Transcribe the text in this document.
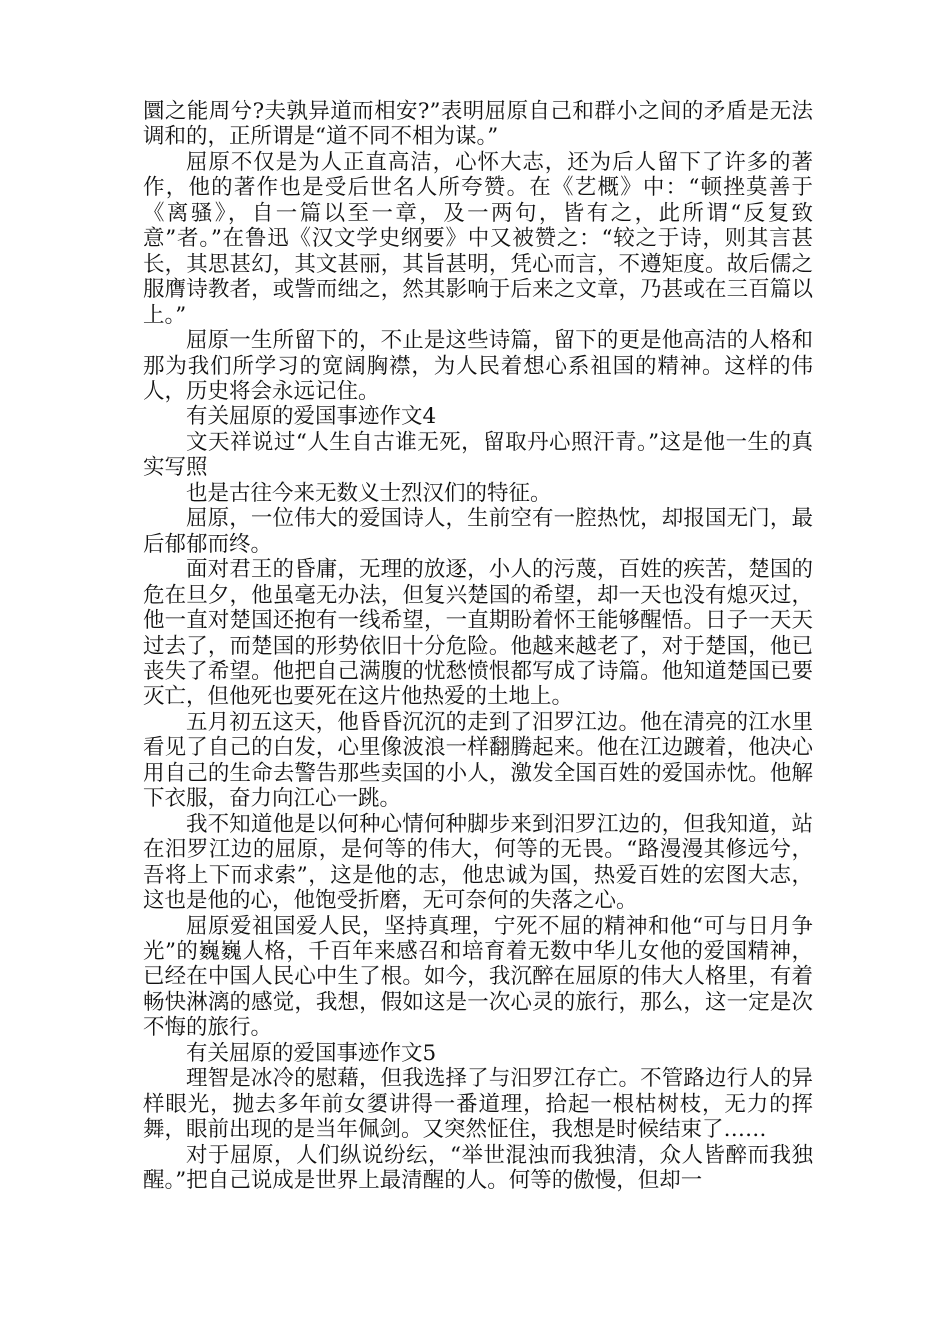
圜之能周兮?夫孰异道而相安?”表明屈原自己和群小之间的矛盾是无法调和的，正所谓是“道不同不相为谋。”

屈原不仅是为人正直高洁，心怀大志，还为后人留下了许多的著作，他的著作也是受后世名人所夸赞。在《艺概》中：“顿挫莫善于《离骚》，自一篇以至一章，及一两句，皆有之，此所谓“反复致意”者。”在鲁迅《汉文学史纲要》中又被赞之：“较之于诗，则其言甚长，其思甚幻，其文甚丽，其旨甚明，凭心而言，不遵矩度。故后儒之服膺诗教者，或訾而绌之，然其影响于后来之文章，乃甚或在三百篇以上。”

屈原一生所留下的，不止是这些诗篇，留下的更是他高洁的人格和那为我们所学习的宽阔胸襟，为人民着想心系祖国的精神。这样的伟人，历史将会永远记住。

有关屈原的爱国事迹作文4

文天祥说过“人生自古谁无死，留取丹心照汗青。”这是他一生的真实写照

也是古往今来无数义士烈汉们的特征。

屈原，一位伟大的爱国诗人，生前空有一腔热忱，却报国无门，最后郁郁而终。

面对君王的昏庸，无理的放逐，小人的污蔑，百姓的疾苦，楚国的危在旦夕，他虽毫无办法，但复兴楚国的希望，却一天也没有熄灭过，他一直对楚国还抱有一线希望，一直期盼着怀王能够醒悟。日子一天天过去了，而楚国的形势依旧十分危险。他越来越老了，对于楚国，他已丧失了希望。他把自己满腹的忧愁愤恨都写成了诗篇。他知道楚国已要灭亡，但他死也要死在这片他热爱的土地上。

五月初五这天，他昏昏沉沉的走到了汨罗江边。他在清亮的江水里看见了自己的白发，心里像波浪一样翻腾起来。他在江边踱着，他决心用自己的生命去警告那些卖国的小人，激发全国百姓的爱国赤忱。他解下衣服，奋力向江心一跳。

我不知道他是以何种心情何种脚步来到汨罗江边的，但我知道，站在汨罗江边的屈原，是何等的伟大，何等的无畏。“路漫漫其修远兮，吾将上下而求索”，这是他的志，他忠诚为国，热爱百姓的宏图大志，这也是他的心，他饱受折磨，无可奈何的失落之心。

屈原爱祖国爱人民，坚持真理，宁死不屈的精神和他“可与日月争光”的巍巍人格，千百年来感召和培育着无数中华儿女他的爱国精神，已经在中国人民心中生了根。如今，我沉醉在屈原的伟大人格里，有着畅快淋漓的感觉，我想，假如这是一次心灵的旅行，那么，这一定是次不悔的旅行。

有关屈原的爱国事迹作文5

理智是冰冷的慰藉，但我选择了与汨罗江存亡。不管路边行人的异样眼光，抛去多年前女嬃讲得一番道理，拾起一根枯树枝，无力的挥舞，眼前出现的是当年佩剑。又突然怔住，我想是时候结束了……

对于屈原，人们纵说纷纭，“举世混浊而我独清，众人皆醉而我独醒。”把自己说成是世界上最清醒的人。何等的傲慢，但却一
